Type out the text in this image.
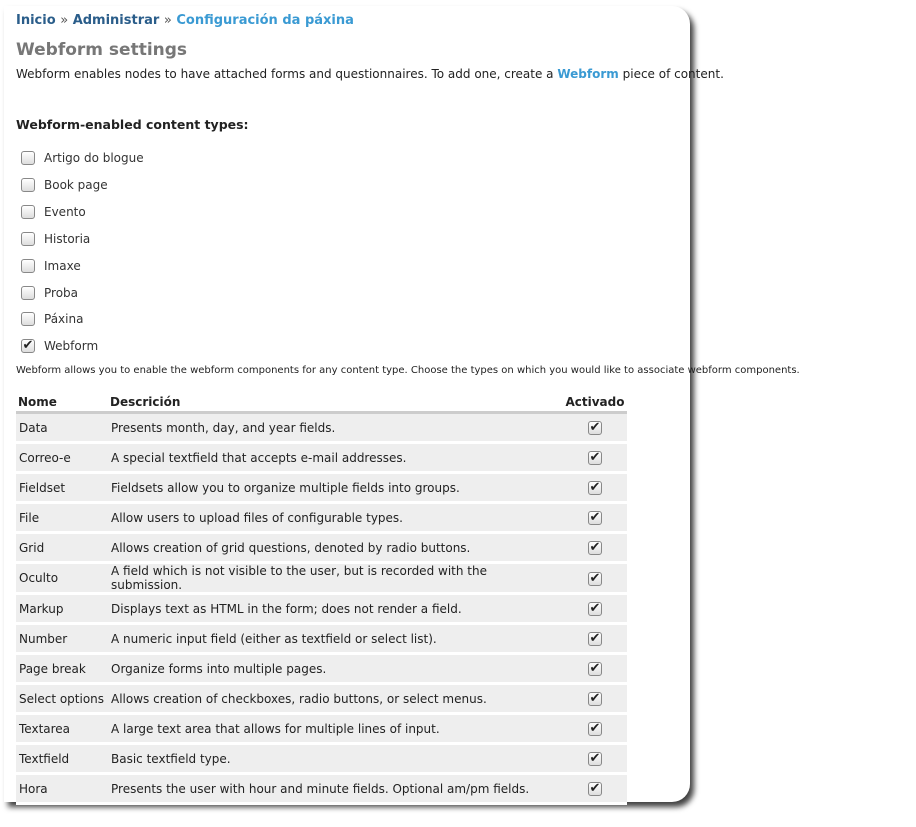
Inicio » Administrar » Configuración da páxina
Webform settings
Webform enables nodes to have attached forms and questionnaires. To add one, create a Webform piece of content.
Webform-enabled content types:
Artigo do blogue
Book page
Evento
Historia
Imaxe
Proba
Páxina
✔ Webform
Webform allows you to enable the webform components for any content type. Choose the types on which you would like to associate webform components.
Nome	Descrición	Activado
Data	Presents month, day, and year fields.	✔
Correo-e	A special textfield that accepts e-mail addresses.	✔
Fieldset	Fieldsets allow you to organize multiple fields into groups.	✔
File	Allow users to upload files of configurable types.	✔
Grid	Allows creation of grid questions, denoted by radio buttons.	✔
Oculto	A field which is not visible to the user, but is recorded with the submission.	✔
Markup	Displays text as HTML in the form; does not render a field.	✔
Number	A numeric input field (either as textfield or select list).	✔
Page break	Organize forms into multiple pages.	✔
Select options	Allows creation of checkboxes, radio buttons, or select menus.	✔
Textarea	A large text area that allows for multiple lines of input.	✔
Textfield	Basic textfield type.	✔
Hora	Presents the user with hour and minute fields. Optional am/pm fields.	✔
